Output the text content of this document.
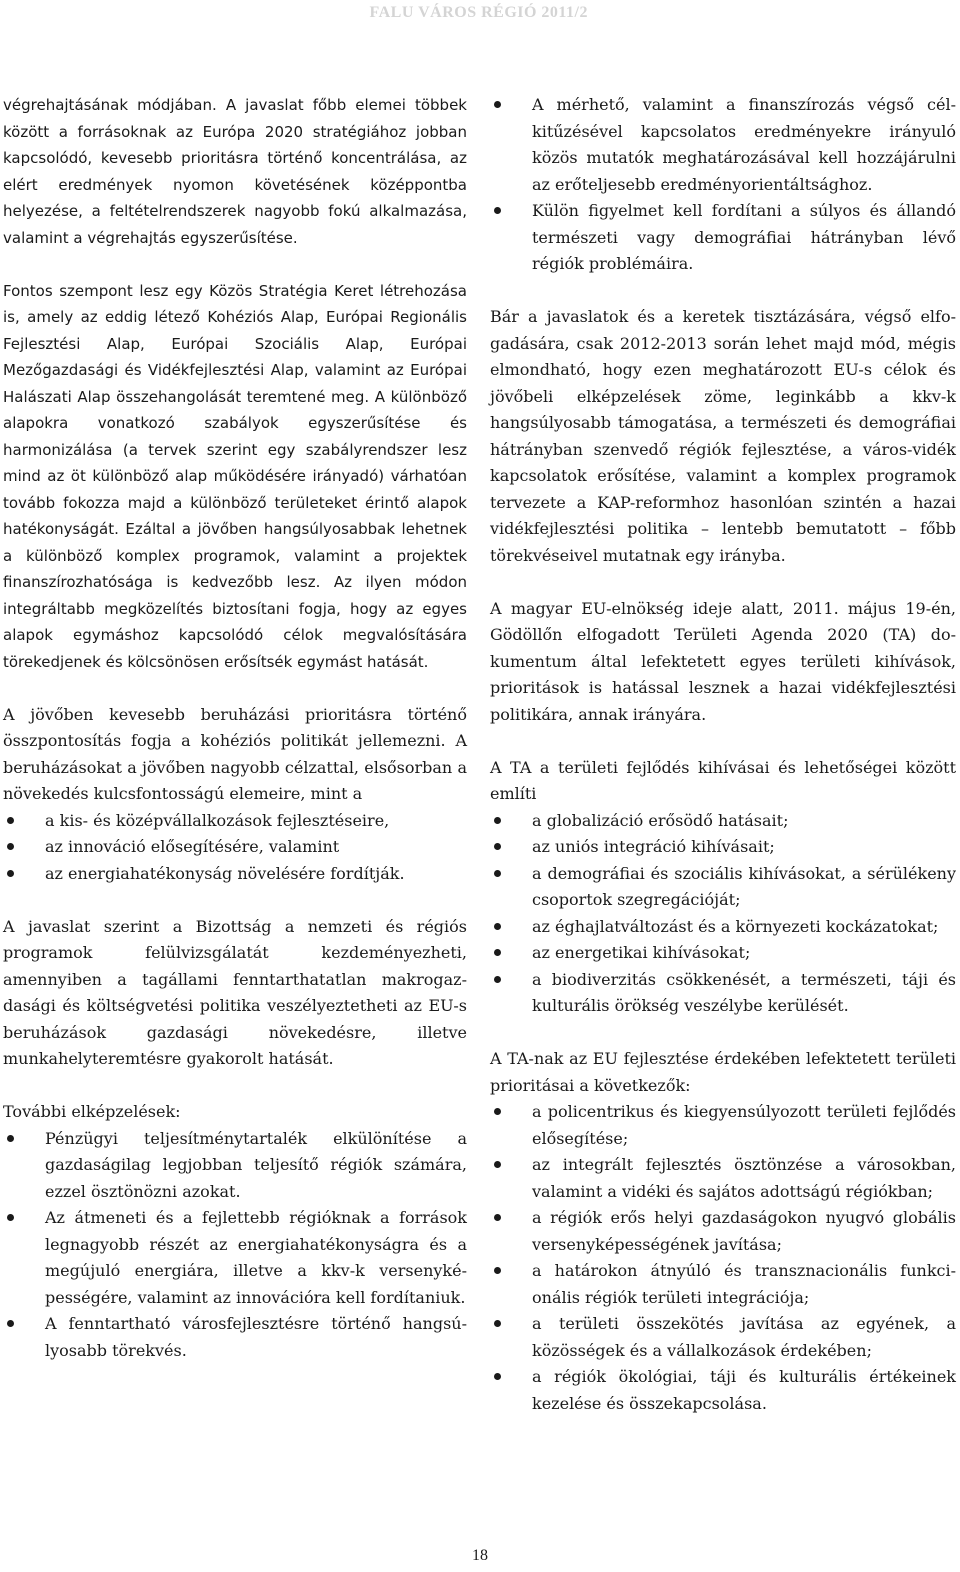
FALU VÁROS RÉGIÓ 2011/2

végrehajtásának módjában. A javaslat főbb elemei többek között a forrásoknak az Európa 2020 stratégiához jobban kapcsolódó, kevesebb prioritásra történő koncentrálása, az elért eredmények nyomon követésének középpontba helyezése, a feltételrendszerek nagyobb fokú alkalmazása, valamint a végrehajtás egyszerűsítése.

Fontos szempont lesz egy Közös Stratégia Keret létrehozása is, amely az eddig létező Kohéziós Alap, Európai Regionális Fejlesztési Alap, Európai Szociális Alap, Európai Mezőgazdasági és Vidékfejlesztési Alap, valamint az Európai Halászati Alap összehangolását teremtené meg. A különböző alapokra vonatkozó szabályok egyszerűsítése és harmonizálása (a tervek szerint egy szabályrendszer lesz mind az öt különböző alap működésére irányadó) várhatóan tovább fokozza majd a különböző területeket érintő alapok hatékonyságát. Ezáltal a jövőben hangsúlyosabbak lehetnek a különböző komplex programok, valamint a projektek finanszírozhatósága is kedvezőbb lesz. Az ilyen módon integráltabb megközelítés biztosítani fogja, hogy az egyes alapok egymáshoz kapcsolódó célok megvalósítására törekedjenek és kölcsönösen erősítsék egymást hatását.

A jövőben kevesebb beruházási prioritásra történő összpontosítás fogja a kohéziós politikát jellemezni. A beruházásokat a jövőben nagyobb célzattal, elsősorban a növekedés kulcsfontosságú elemeire, mint a

a kis- és középvállalkozások fejlesztéseire,
az innováció elősegítésére, valamint
az energiahatékonyság növelésére fordítják.

A javaslat szerint a Bizottság a nemzeti és régiós programok felülvizsgálatát kezdeményezheti, amennyiben a tagállami fenntarthatatlan makrogazdasági és költségvetési politika veszélyeztetheti az EU-s beruházások gazdasági növekedésre, illetve munkahelyteremtésre gyakorolt hatását.

További elképzelések:

Pénzügyi teljesítménytartalék elkülönítése a gazdaságilag legjobban teljesítő régiók számára, ezzel ösztönözni azokat.
Az átmeneti és a fejlettebb régióknak a források legnagyobb részét az energiahatékonyságra és a megújuló energiára, illetve a kkv-k versenyképességére, valamint az innovációra kell fordítaniuk.
A fenntartható városfejlesztésre történő hangsúlyosabb törekvés.
A mérhető, valamint a finanszírozás végső célkitűzésével kapcsolatos eredményekre irányuló közös mutatók meghatározásával kell hozzájárulni az erőteljesebb eredményorientáltsághoz.
Külön figyelmet kell fordítani a súlyos és állandó természeti vagy demográfiai hátrányban lévő régiók problémáira.

Bár a javaslatok és a keretek tisztázására, végső elfogadására, csak 2012-2013 során lehet majd mód, mégis elmondható, hogy ezen meghatározott EU-s célok és jövőbeli elképzelések zöme, leginkább a kkv-k hangsúlyosabb támogatása, a természeti és demográfiai hátrányban szenvedő régiók fejlesztése, a város-vidék kapcsolatok erősítése, valamint a komplex programok tervezete a KAP-reformhoz hasonlóan szintén a hazai vidékfejlesztési politika – lentebb bemutatott – főbb törekvéseivel mutatnak egy irányba.

A magyar EU-elnökség ideje alatt, 2011. május 19-én, Gödöllőn elfogadott Területi Agenda 2020 (TA) dokumentum által lefektetett egyes területi kihívások, prioritások is hatással lesznek a hazai vidékfejlesztési politikára, annak irányára.

A TA a területi fejlődés kihívásai és lehetőségei között említi

a globalizáció erősödő hatásait;
az uniós integráció kihívásait;
a demográfiai és szociális kihívásokat, a sérülékeny csoportok szegregációját;
az éghajlatváltozást és a környezeti kockázatokat;
az energetikai kihívásokat;
a biodiverzitás csökkenését, a természeti, táji és kulturális örökség veszélybe kerülését.

A TA-nak az EU fejlesztése érdekében lefektetett területi prioritásai a következők:

a policentrikus és kiegyensúlyozott területi fejlődés elősegítése;
az integrált fejlesztés ösztönzése a városokban, valamint a vidéki és sajátos adottságú régiókban;
a régiók erős helyi gazdaságokon nyugvó globális versenyképességének javítása;
a határokon átnyúló és transznacionális funkcionális régiók területi integrációja;
a területi összekötés javítása az egyének, a közösségek és a vállalkozások érdekében;
a régiók ökológiai, táji és kulturális értékeinek kezelése és összekapcsolása.
18
